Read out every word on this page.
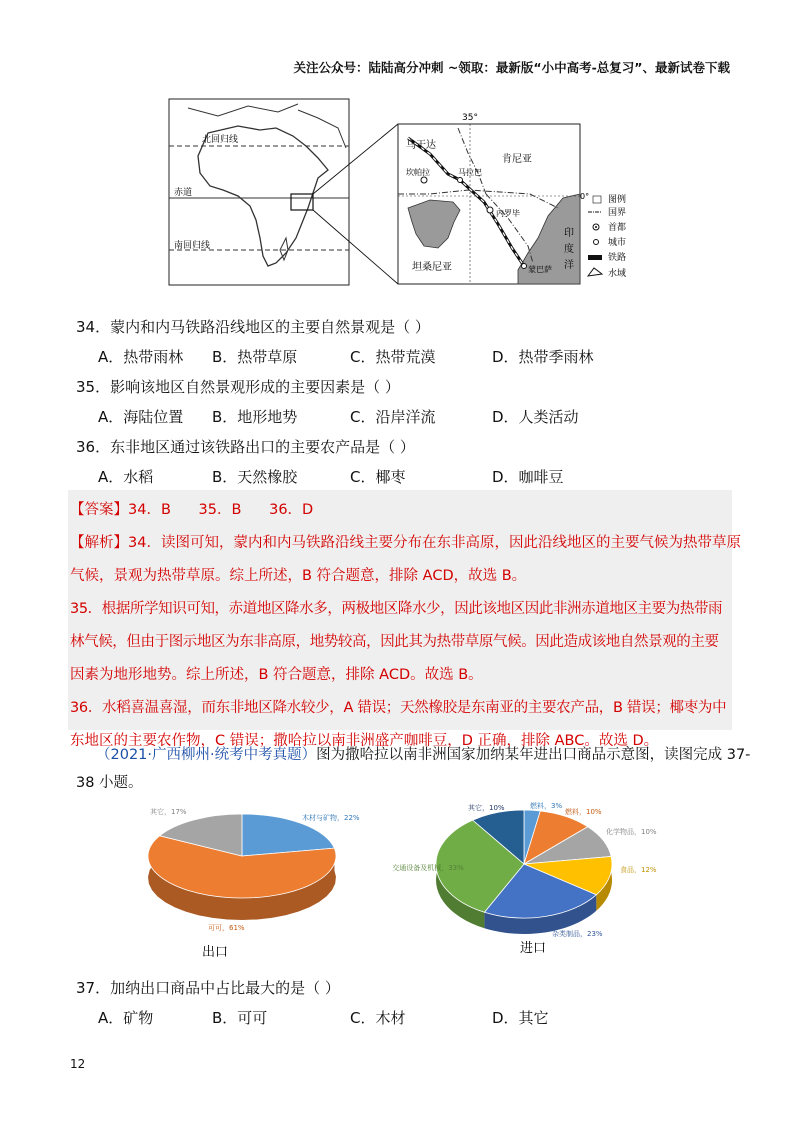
关注公众号：陆陆高分冲刺 ~领取：最新版“小中高考-总复习”、最新试卷下载
北回归线
赤道
南回归线
35°
乌干达
肯尼亚
坦桑尼亚
坎帕拉	马拉巴
内罗毕
蒙巴萨
0°
印
度
洋
图例
国界
首都
城市
铁路
水域
34．蒙内和内马铁路沿线地区的主要自然景观是（ ）
A．热带雨林 B．热带草原	C．热带荒漠	D．热带季雨林
35．影响该地区自然景观形成的主要因素是（ ）
A．海陆位置 B．地形地势	C．沿岸洋流	D．人类活动
36．东非地区通过该铁路出口的主要农产品是（ ）
A．水稻	B．天然橡胶	C．椰枣	D．咖啡豆
【答案】34．B      35．B      36．D
【解析】34．读图可知，蒙内和内马铁路沿线主要分布在东非高原，因此沿线地区的主要气候为热带草原
气候，景观为热带草原。综上所述，B 符合题意，排除 ACD，故选 B。
35．根据所学知识可知，赤道地区降水多，两极地区降水少，因此该地区因此非洲赤道地区主要为热带雨
林气候，但由于图示地区为东非高原，地势较高，因此其为热带草原气候。因此造成该地自然景观的主要
因素为地形地势。综上所述，B 符合题意，排除 ACD。故选 B。
36．水稻喜温喜湿，而东非地区降水较少，A 错误；天然橡胶是东南亚的主要农产品，B 错误；椰枣为中
东地区的主要农作物，C 错误；撒哈拉以南非洲盛产咖啡豆，D 正确，排除 ABC。故选 D。
（2021·广西柳州·统考中考真题）图为撒哈拉以南非洲国家加纳某年进出口商品示意图，读图完成 37-
38 小题。
木材与矿物，22%
可可，61%
其它，17%
燃料，3%
燃料，10%
化学物品，10%
食品，12%
杂类制品，23%
交通设备及机械，33%
其它，10%
出口	进口
37．加纳出口商品中占比最大的是（ ）
A．矿物	B．可可	C．木材	D．其它
12
